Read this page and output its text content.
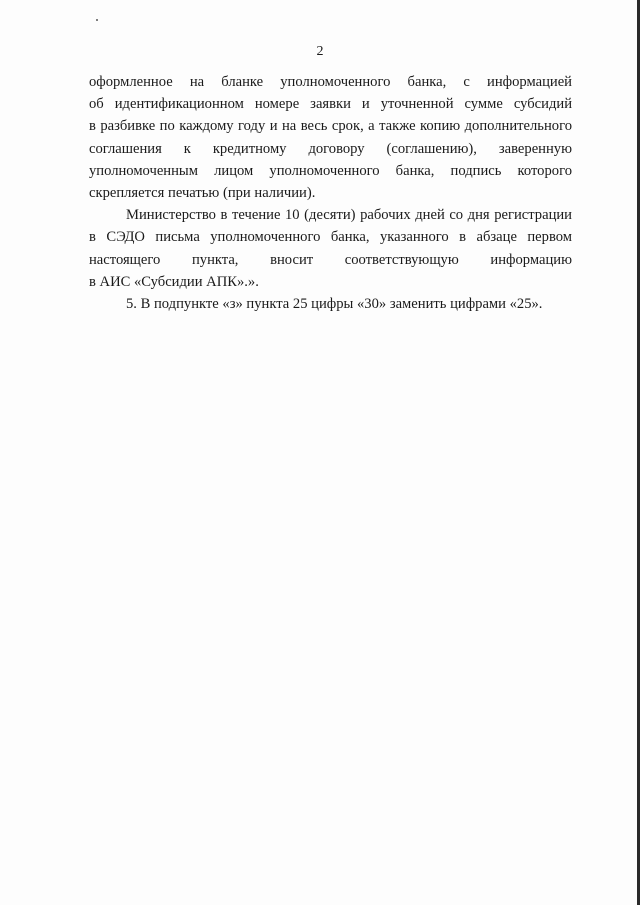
2

оформленное на бланке уполномоченного банка, с информацией
об идентификационном номере заявки и уточненной сумме субсидий
в разбивке по каждому году и на весь срок, а также копию дополнительного
соглашения к кредитному договору (соглашению), заверенную
уполномоченным лицом уполномоченного банка, подпись которого
скрепляется печатью (при наличии).

Министерство в течение 10 (десяти) рабочих дней со дня регистрации
в СЭДО письма уполномоченного банка, указанного в абзаце первом
настоящего пункта, вносит соответствующую информацию
в АИС «Субсидии АПК».».

5. В подпункте «з» пункта 25 цифры «30» заменить цифрами «25».
